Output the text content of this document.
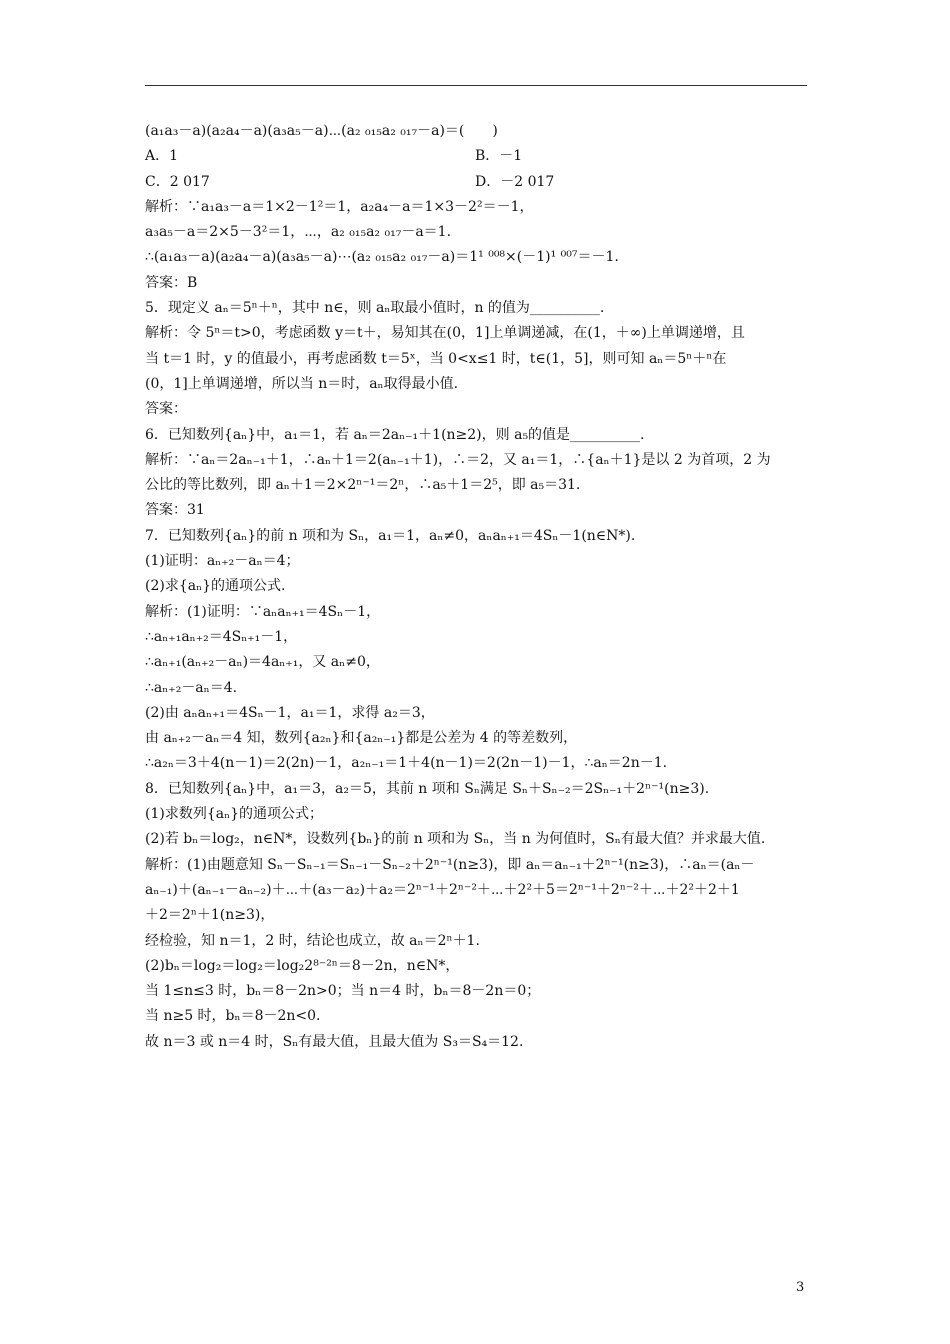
(a₁a₃－a)(a₂a₄－a)(a₃a₅－a)⋯(a₂ ₀₁₅a₂ ₀₁₇－a)＝(　　)
A．1	B．－1
C．2 017	D．－2 017
解析：∵a₁a₃－a＝1×2－1²＝1，a₂a₄－a＝1×3－2²＝－1，
a₃a₅－a＝2×5－3²＝1，⋯，a₂ ₀₁₅a₂ ₀₁₇－a＝1.
∴(a₁a₃－a)(a₂a₄－a)(a₃a₅－a)⋯(a₂ ₀₁₅a₂ ₀₁₇－a)＝1¹ ⁰⁰⁸×(－1)¹ ⁰⁰⁷＝－1.
答案：B
5．现定义 aₙ＝5ⁿ＋ⁿ，其中 n∈，则 aₙ取最小值时，n 的值为__________.
解析：令 5ⁿ＝t>0，考虑函数 y＝t＋，易知其在(0，1]上单调递减，在(1，＋∞)上单调递增，且
当 t＝1 时，y 的值最小，再考虑函数 t＝5ˣ，当 0<x≤1 时，t∈(1，5]，则可知 aₙ＝5ⁿ＋ⁿ在
(0，1]上单调递增，所以当 n＝时，aₙ取得最小值.
答案：
6．已知数列{aₙ}中，a₁＝1，若 aₙ＝2aₙ₋₁＋1(n≥2)，则 a₅的值是__________.
解析：∵aₙ＝2aₙ₋₁＋1，∴aₙ＋1＝2(aₙ₋₁＋1)，∴＝2，又 a₁＝1，∴{aₙ＋1}是以 2 为首项，2 为
公比的等比数列，即 aₙ＋1＝2×2ⁿ⁻¹＝2ⁿ，∴a₅＋1＝2⁵，即 a₅＝31.
答案：31
7．已知数列{aₙ}的前 n 项和为 Sₙ，a₁＝1，aₙ≠0，aₙaₙ₊₁＝4Sₙ－1(n∈N*).
(1)证明：aₙ₊₂－aₙ＝4；
(2)求{aₙ}的通项公式.
解析：(1)证明：∵aₙaₙ₊₁＝4Sₙ－1，
∴aₙ₊₁aₙ₊₂＝4Sₙ₊₁－1，
∴aₙ₊₁(aₙ₊₂－aₙ)＝4aₙ₊₁，又 aₙ≠0，
∴aₙ₊₂－aₙ＝4.
(2)由 aₙaₙ₊₁＝4Sₙ－1，a₁＝1，求得 a₂＝3，
由 aₙ₊₂－aₙ＝4 知，数列{a₂ₙ}和{a₂ₙ₋₁}都是公差为 4 的等差数列，
∴a₂ₙ＝3＋4(n－1)＝2(2n)－1，a₂ₙ₋₁＝1＋4(n－1)＝2(2n－1)－1，∴aₙ＝2n－1.
8．已知数列{aₙ}中，a₁＝3，a₂＝5，其前 n 项和 Sₙ满足 Sₙ＋Sₙ₋₂＝2Sₙ₋₁＋2ⁿ⁻¹(n≥3).
(1)求数列{aₙ}的通项公式；
(2)若 bₙ＝log₂，n∈N*，设数列{bₙ}的前 n 项和为 Sₙ，当 n 为何值时，Sₙ有最大值？并求最大值.
解析：(1)由题意知 Sₙ－Sₙ₋₁＝Sₙ₋₁－Sₙ₋₂＋2ⁿ⁻¹(n≥3)，即 aₙ＝aₙ₋₁＋2ⁿ⁻¹(n≥3)，∴aₙ＝(aₙ－
aₙ₋₁)＋(aₙ₋₁－aₙ₋₂)＋⋯＋(a₃－a₂)＋a₂＝2ⁿ⁻¹＋2ⁿ⁻²＋⋯＋2²＋5＝2ⁿ⁻¹＋2ⁿ⁻²＋⋯＋2²＋2＋1
＋2＝2ⁿ＋1(n≥3)，
经检验，知 n＝1，2 时，结论也成立，故 aₙ＝2ⁿ＋1.
(2)bₙ＝log₂＝log₂＝log₂2⁸⁻²ⁿ＝8－2n，n∈N*，
当 1≤n≤3 时，bₙ＝8－2n>0；当 n＝4 时，bₙ＝8－2n＝0；
当 n≥5 时，bₙ＝8－2n<0.
故 n＝3 或 n＝4 时，Sₙ有最大值，且最大值为 S₃＝S₄＝12.
3
